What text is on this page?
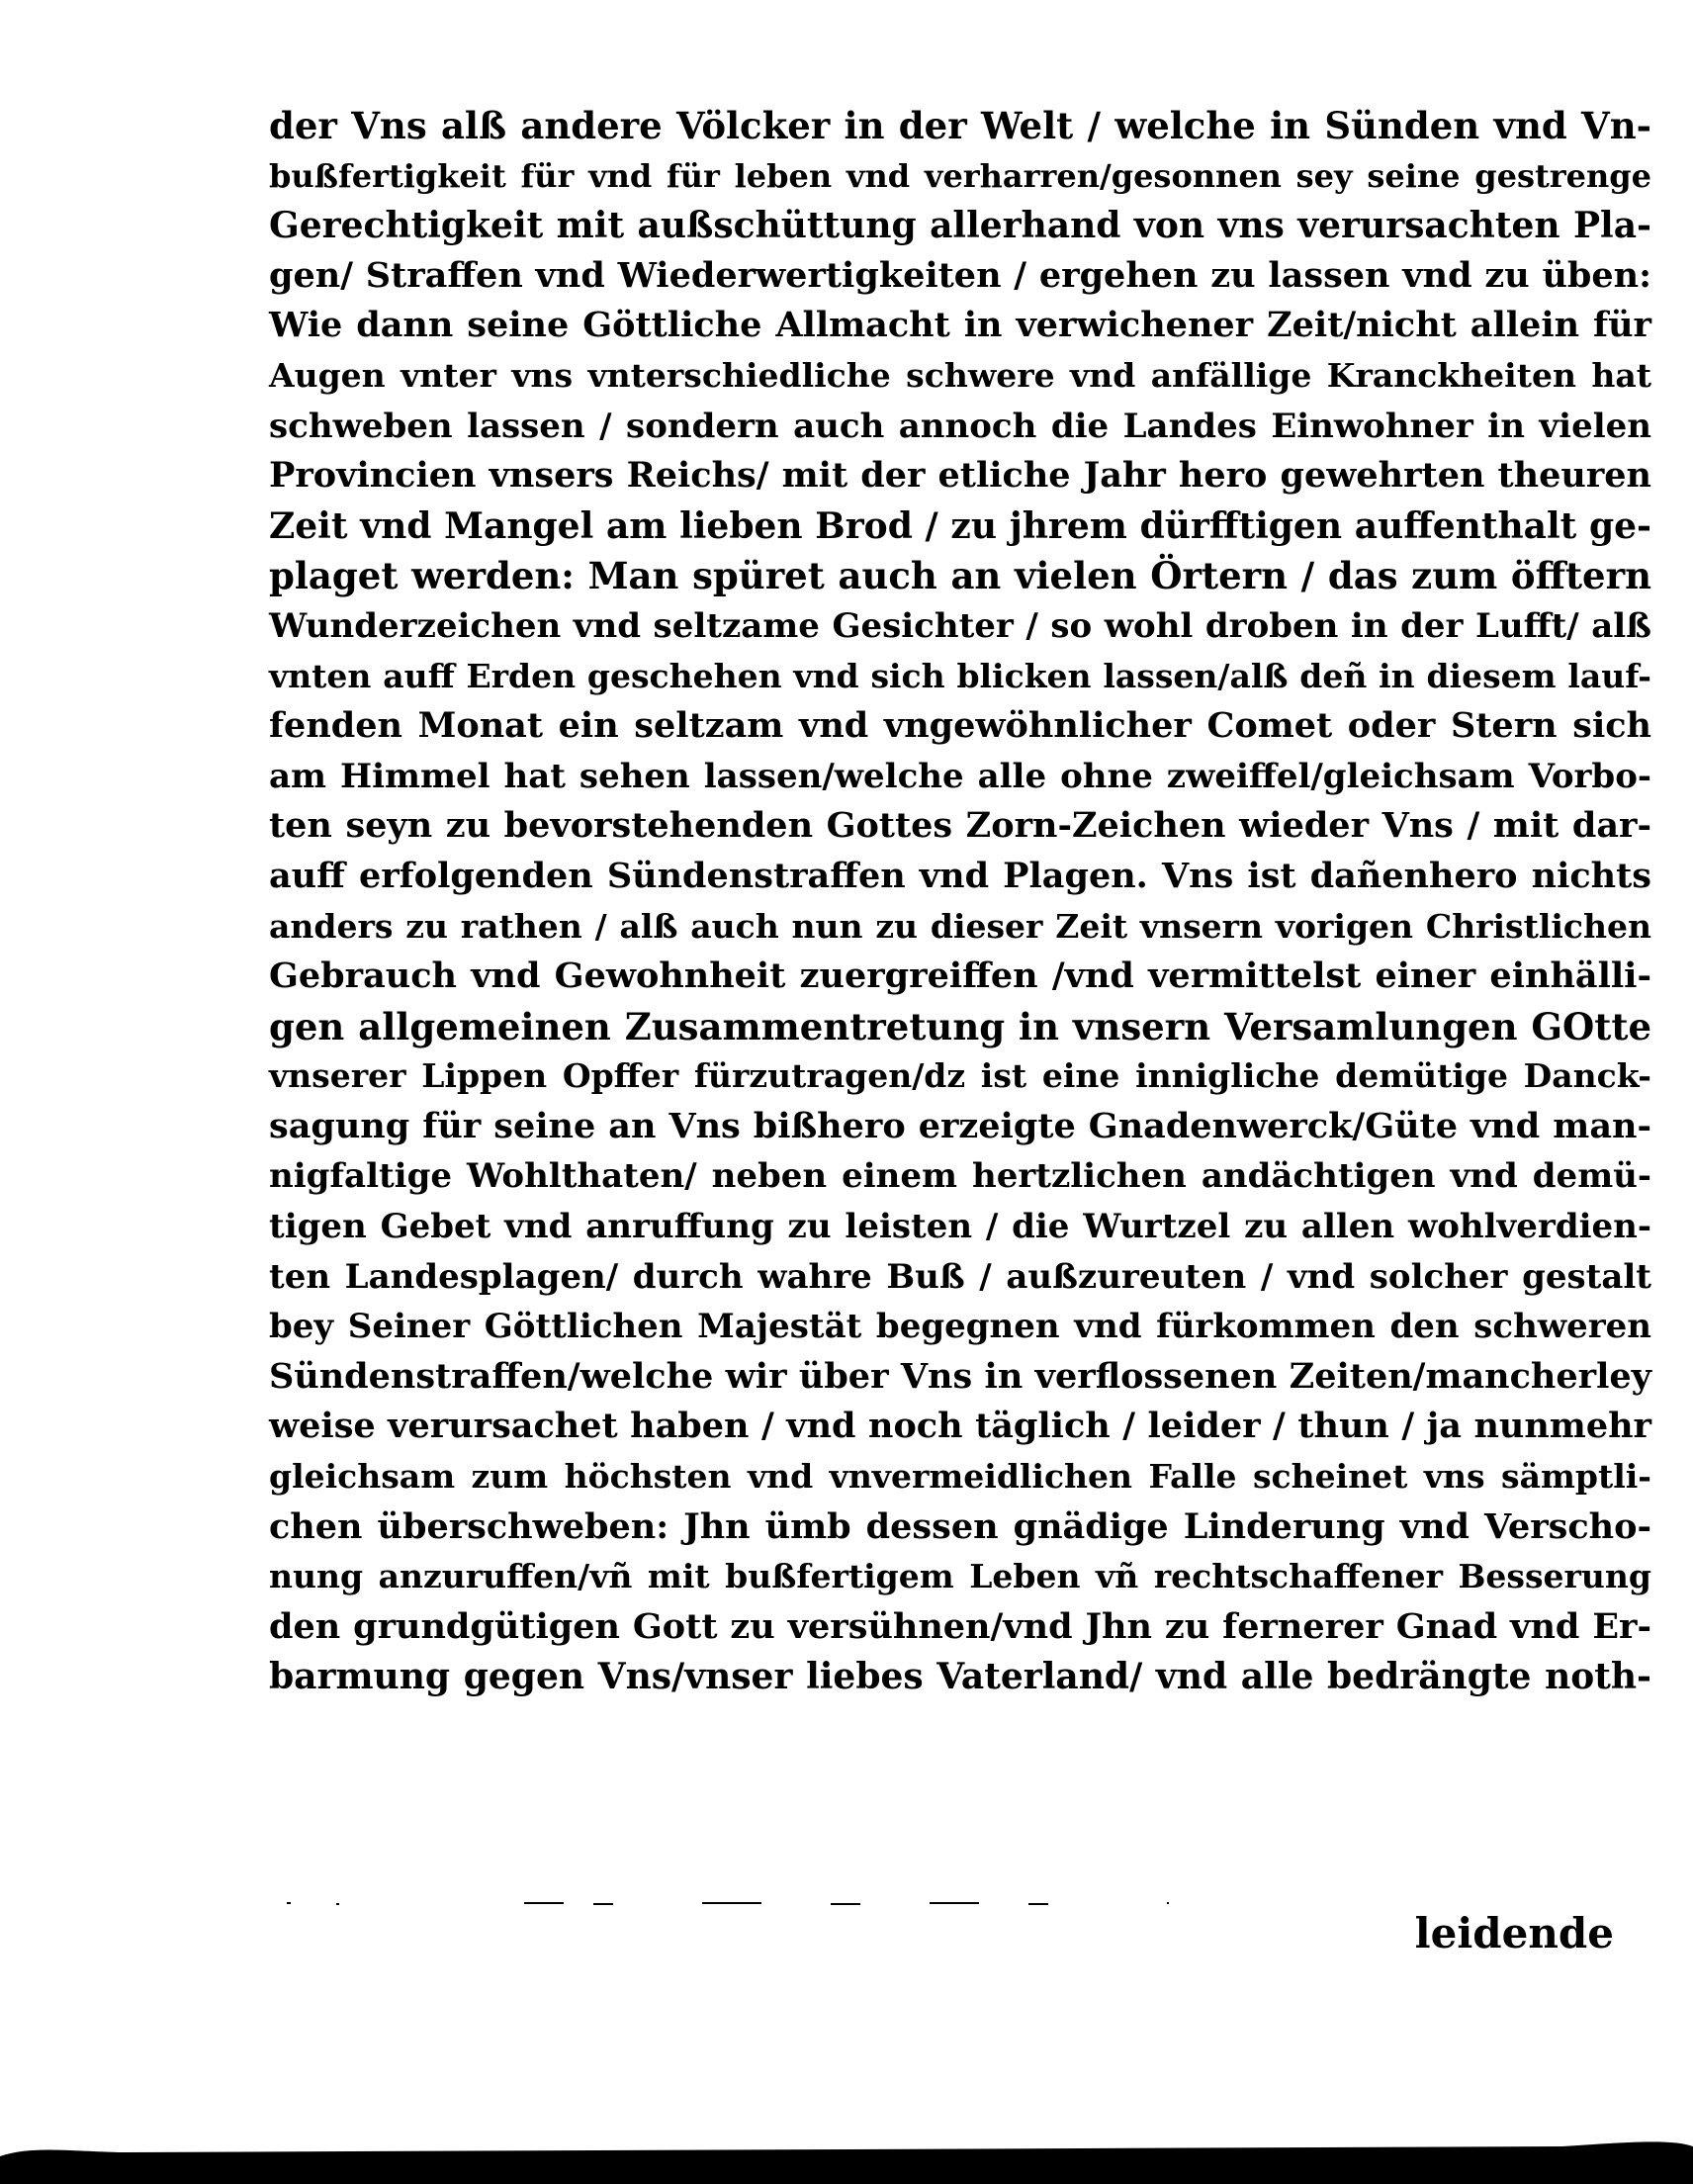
der Vns alß andere Völcker in der Welt / welche in Sünden vnd Vn-
bußfertigkeit für vnd für leben vnd verharren/gesonnen sey seine gestrenge
Gerechtigkeit mit außschüttung allerhand von vns verursachten Pla-
gen/ Straffen vnd Wiederwertigkeiten / ergehen zu lassen vnd zu üben:
Wie dann seine Göttliche Allmacht in verwichener Zeit/nicht allein für
Augen vnter vns vnterschiedliche schwere vnd anfällige Kranckheiten hat
schweben lassen / sondern auch annoch die Landes Einwohner in vielen
Provincien vnsers Reichs/ mit der etliche Jahr hero gewehrten theuren
Zeit vnd Mangel am lieben Brod / zu jhrem dürfftigen auffenthalt ge-
plaget werden: Man spüret auch an vielen Örtern / das zum öfftern
Wunderzeichen vnd seltzame Gesichter / so wohl droben in der Lufft/ alß
vnten auff Erden geschehen vnd sich blicken lassen/alß deñ in diesem lauf-
fenden Monat ein seltzam vnd vngewöhnlicher Comet oder Stern sich
am Himmel hat sehen lassen/welche alle ohne zweiffel/gleichsam Vorbo-
ten seyn zu bevorstehenden Gottes Zorn-Zeichen wieder Vns / mit dar-
auff erfolgenden Sündenstraffen vnd Plagen. Vns ist dañenhero nichts
anders zu rathen / alß auch nun zu dieser Zeit vnsern vorigen Christlichen
Gebrauch vnd Gewohnheit zuergreiffen /vnd vermittelst einer einhälli-
gen allgemeinen Zusammentretung in vnsern Versamlungen GOtte
vnserer Lippen Opffer fürzutragen/dz ist eine innigliche demütige Danck-
sagung für seine an Vns bißhero erzeigte Gnadenwerck/Güte vnd man-
nigfaltige Wohlthaten/ neben einem hertzlichen andächtigen vnd demü-
tigen Gebet vnd anruffung zu leisten / die Wurtzel zu allen wohlverdien-
ten Landesplagen/ durch wahre Buß / außzureuten / vnd solcher gestalt
bey Seiner Göttlichen Majestät begegnen vnd fürkommen den schweren
Sündenstraffen/welche wir über Vns in verflossenen Zeiten/mancherley
weise verursachet haben / vnd noch täglich / leider / thun / ja nunmehr
gleichsam zum höchsten vnd vnvermeidlichen Falle scheinet vns sämptli-
chen überschweben: Jhn ümb dessen gnädige Linderung vnd Verscho-
nung anzuruffen/vñ mit bußfertigem Leben vñ rechtschaffener Besserung
den grundgütigen Gott zu versühnen/vnd Jhn zu fernerer Gnad vnd Er-
barmung gegen Vns/vnser liebes Vaterland/ vnd alle bedrängte noth-
leidende
